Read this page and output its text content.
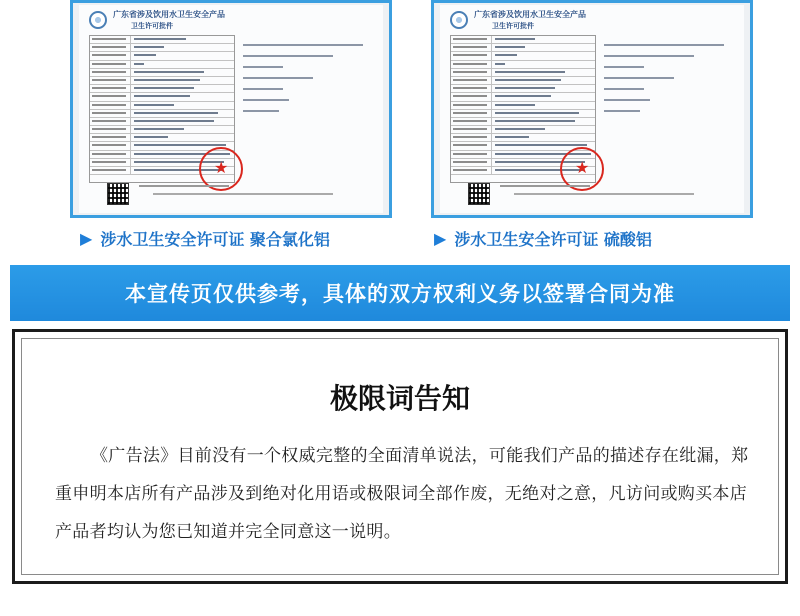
广东省涉及饮用水卫生安全产品
卫生许可批件
★
广东省涉及饮用水卫生安全产品
卫生许可批件
★
▶ 涉水卫生安全许可证 聚合氯化铝	▶ 涉水卫生安全许可证 硫酸铝
本宣传页仅供参考，具体的双方权利义务以签署合同为准
极限词告知
《广告法》目前没有一个权威完整的全面清单说法，可能我们产品的描述存在纰漏，郑重申明本店所有产品涉及到绝对化用语或极限词全部作废，无绝对之意，凡访问或购买本店产品者均认为您已知道并完全同意这一说明。
